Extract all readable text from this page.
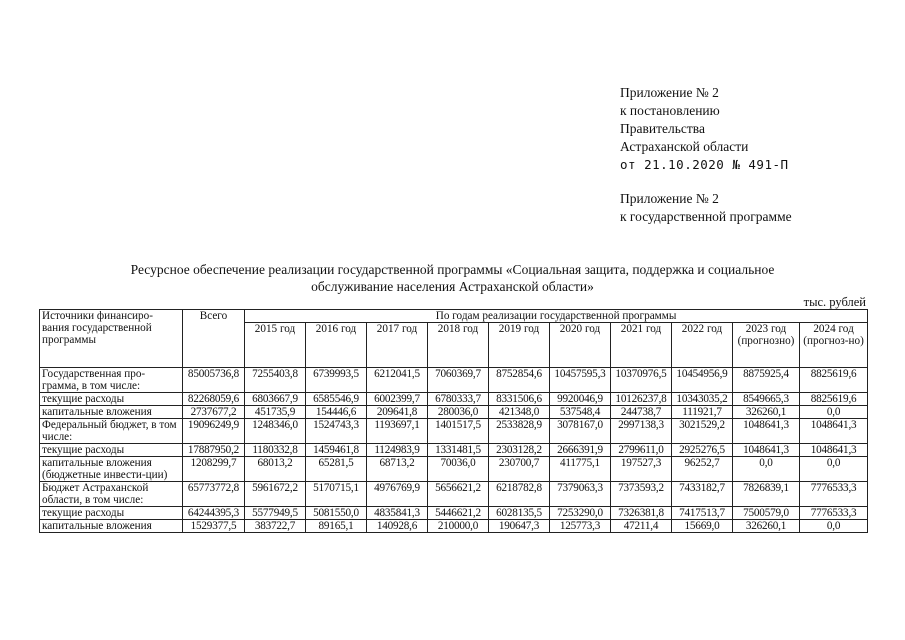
Приложение № 2
к постановлению
Правительства
Астраханской области
от 21.10.2020 № 491-П
Приложение № 2
к государственной программе
Ресурсное обеспечение реализации государственной программы «Социальная защита, поддержка и социальное
обслуживание населения Астраханской области»
тыс. рублей
Источники финансиро-вания государственной программы	Всего	По годам реализации государственной программы									
		2015 год	2016 год	2017 год	2018 год	2019 год	2020 год	2021 год	2022 год	2023 год (прогнозно)	2024 год (прогноз-но)
Государственная про-грамма, в том числе:	85005736,8	7255403,8	6739993,5	6212041,5	7060369,7	8752854,6	10457595,3	10370976,5	10454956,9	8875925,4	8825619,6
текущие расходы	82268059,6	6803667,9	6585546,9	6002399,7	6780333,7	8331506,6	9920046,9	10126237,8	10343035,2	8549665,3	8825619,6
капитальные вложения	2737677,2	451735,9	154446,6	209641,8	280036,0	421348,0	537548,4	244738,7	111921,7	326260,1	0,0
Федеральный бюджет, в том числе:	19096249,9	1248346,0	1524743,3	1193697,1	1401517,5	2533828,9	3078167,0	2997138,3	3021529,2	1048641,3	1048641,3
текущие расходы	17887950,2	1180332,8	1459461,8	1124983,9	1331481,5	2303128,2	2666391,9	2799611,0	2925276,5	1048641,3	1048641,3
капитальные вложения (бюджетные инвести-ции)	1208299,7	68013,2	65281,5	68713,2	70036,0	230700,7	411775,1	197527,3	96252,7	0,0	0,0
Бюджет Астраханской области, в том числе:	65773772,8	5961672,2	5170715,1	4976769,9	5656621,2	6218782,8	7379063,3	7373593,2	7433182,7	7826839,1	7776533,3
текущие расходы	64244395,3	5577949,5	5081550,0	4835841,3	5446621,2	6028135,5	7253290,0	7326381,8	7417513,7	7500579,0	7776533,3
капитальные вложения	1529377,5	383722,7	89165,1	140928,6	210000,0	190647,3	125773,3	47211,4	15669,0	326260,1	0,0
